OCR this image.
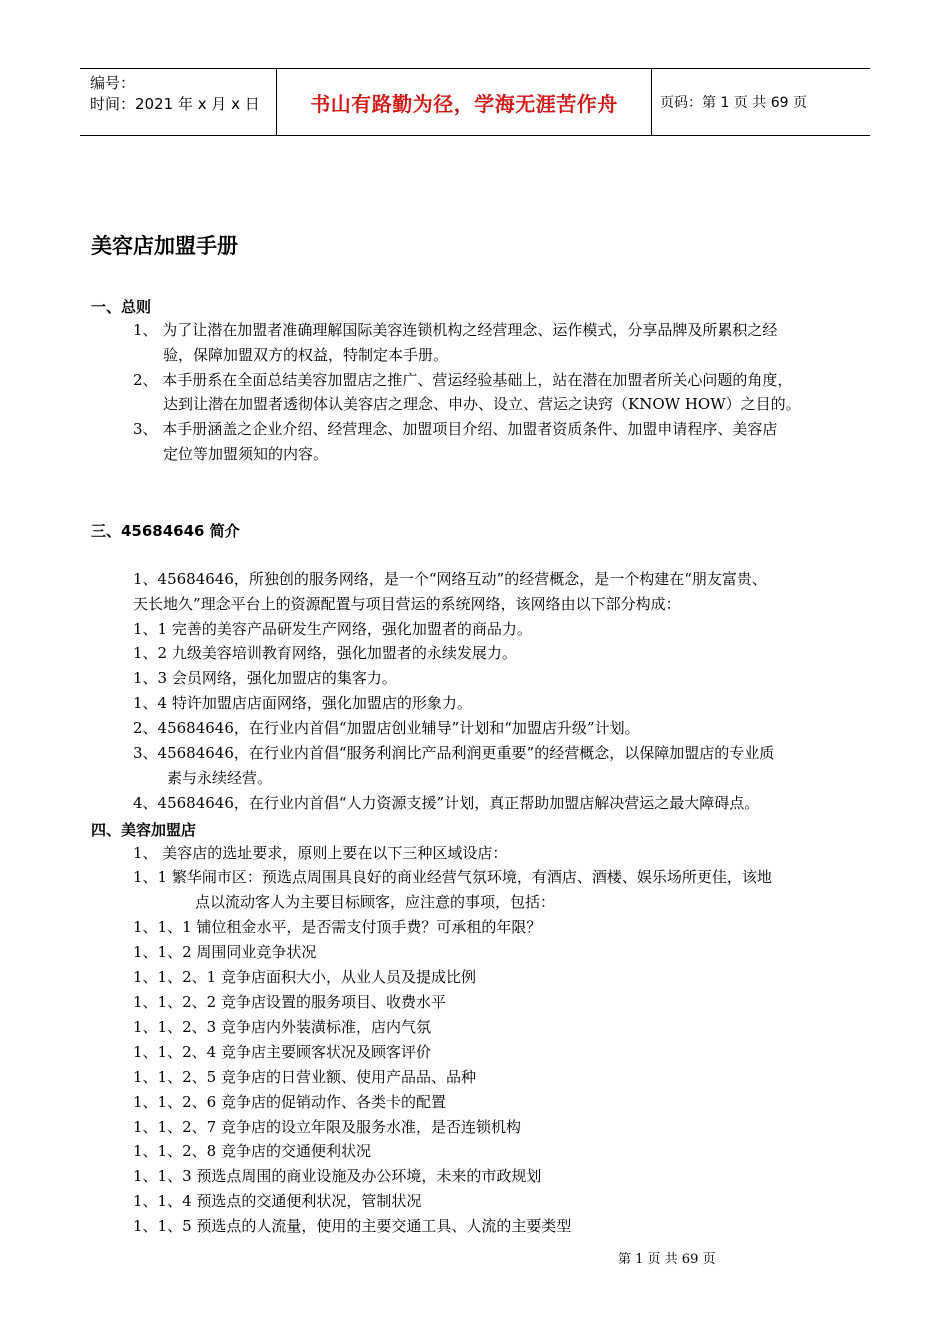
编号：
时间：2021 年 x 月 x 日	书山有路勤为径，学海无涯苦作舟	页码：第 1 页 共 69 页
美容店加盟手册
一、总则
1、 为了让潜在加盟者准确理解国际美容连锁机构之经营理念、运作模式，分享品牌及所累积之经
验，保障加盟双方的权益，特制定本手册。
2、 本手册系在全面总结美容加盟店之推广、营运经验基础上，站在潜在加盟者所关心问题的角度，
达到让潜在加盟者透彻体认美容店之理念、申办、设立、营运之诀窍（KNOW HOW）之目的。
3、 本手册涵盖之企业介绍、经营理念、加盟项目介绍、加盟者资质条件、加盟申请程序、美容店
定位等加盟须知的内容。
三、45684646 简介
1、45684646，所独创的服务网络，是一个“网络互动”的经营概念，是一个构建在“朋友富贵、
天长地久”理念平台上的资源配置与项目营运的系统网络，该网络由以下部分构成：
1、1 完善的美容产品研发生产网络，强化加盟者的商品力。
1、2 九级美容培训教育网络，强化加盟者的永续发展力。
1、3 会员网络，强化加盟店的集客力。
1、4 特许加盟店店面网络，强化加盟店的形象力。
2、45684646，在行业内首倡“加盟店创业辅导”计划和“加盟店升级”计划。
3、45684646，在行业内首倡“服务利润比产品利润更重要”的经营概念，以保障加盟店的专业质
素与永续经营。
4、45684646，在行业内首倡“人力资源支援”计划，真正帮助加盟店解决营运之最大障碍点。
四、美容加盟店
1、 美容店的选址要求，原则上要在以下三种区域设店：
1、1 繁华闹市区：预选点周围具良好的商业经营气氛环境，有酒店、酒楼、娱乐场所更佳，该地
点以流动客人为主要目标顾客，应注意的事项，包括：
1、1、1 铺位租金水平，是否需支付顶手费？可承租的年限？
1、1、2 周围同业竞争状况
1、1、2、1 竞争店面积大小，从业人员及提成比例
1、1、2、2 竞争店设置的服务项目、收费水平
1、1、2、3 竞争店内外装潢标准，店内气氛
1、1、2、4 竞争店主要顾客状况及顾客评价
1、1、2、5 竞争店的日营业额、使用产品品、品种
1、1、2、6 竞争店的促销动作、各类卡的配置
1、1、2、7 竞争店的设立年限及服务水准，是否连锁机构
1、1、2、8 竞争店的交通便利状况
1、1、3 预选点周围的商业设施及办公环境，未来的市政规划
1、1、4 预选点的交通便利状况，管制状况
1、1、5 预选点的人流量，使用的主要交通工具、人流的主要类型
第 1 页 共 69 页
